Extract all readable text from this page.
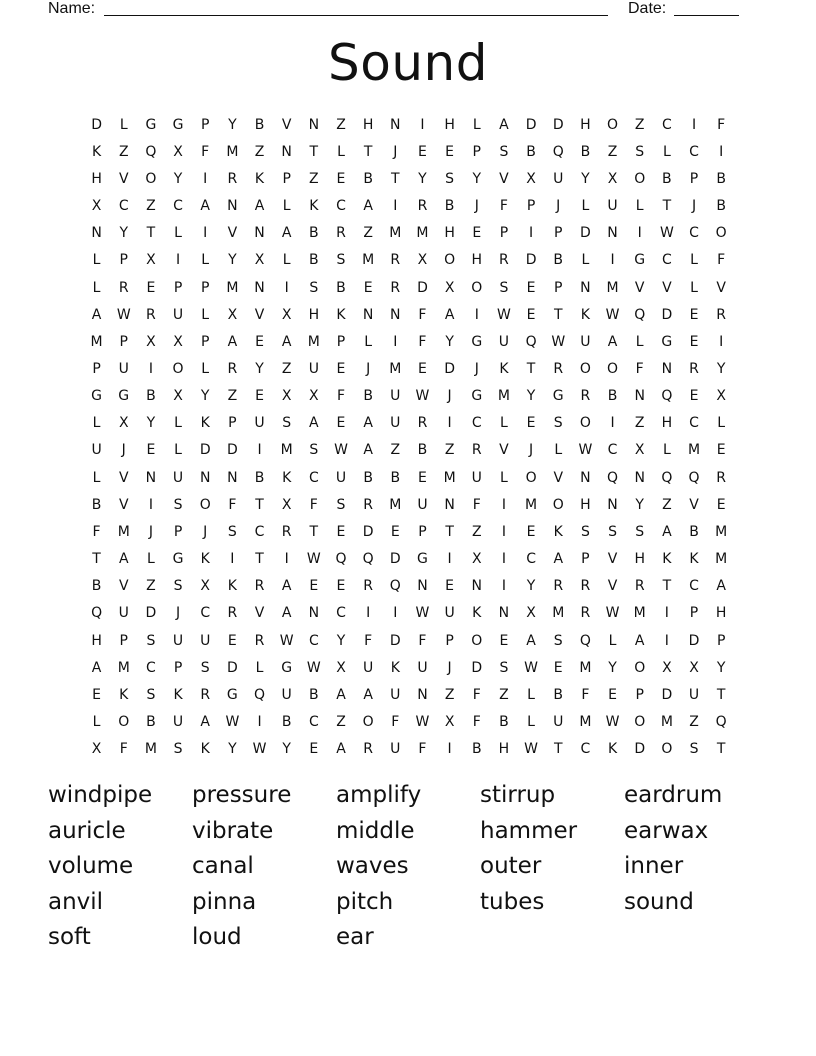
Name:	Date:
Sound
D	L	G	G	P	Y	B	V	N	Z	H	N	I	H	L	A	D	D	H	O	Z	C	I	F
K	Z	Q	X	F	M	Z	N	T	L	T	J	E	E	P	S	B	Q	B	Z	S	L	C	I
H	V	O	Y	I	R	K	P	Z	E	B	T	Y	S	Y	V	X	U	Y	X	O	B	P	B
X	C	Z	C	A	N	A	L	K	C	A	I	R	B	J	F	P	J	L	U	L	T	J	B
N	Y	T	L	I	V	N	A	B	R	Z	M	M	H	E	P	I	P	D	N	I	W	C	O
L	P	X	I	L	Y	X	L	B	S	M	R	X	O	H	R	D	B	L	I	G	C	L	F
L	R	E	P	P	M	N	I	S	B	E	R	D	X	O	S	E	P	N	M	V	V	L	V
A	W	R	U	L	X	V	X	H	K	N	N	F	A	I	W	E	T	K	W	Q	D	E	R
M	P	X	X	P	A	E	A	M	P	L	I	F	Y	G	U	Q	W	U	A	L	G	E	I
P	U	I	O	L	R	Y	Z	U	E	J	M	E	D	J	K	T	R	O	O	F	N	R	Y
G	G	B	X	Y	Z	E	X	X	F	B	U	W	J	G	M	Y	G	R	B	N	Q	E	X
L	X	Y	L	K	P	U	S	A	E	A	U	R	I	C	L	E	S	O	I	Z	H	C	L
U	J	E	L	D	D	I	M	S	W	A	Z	B	Z	R	V	J	L	W	C	X	L	M	E
L	V	N	U	N	N	B	K	C	U	B	B	E	M	U	L	O	V	N	Q	N	Q	Q	R
B	V	I	S	O	F	T	X	F	S	R	M	U	N	F	I	M	O	H	N	Y	Z	V	E
F	M	J	P	J	S	C	R	T	E	D	E	P	T	Z	I	E	K	S	S	S	A	B	M
T	A	L	G	K	I	T	I	W	Q	Q	D	G	I	X	I	C	A	P	V	H	K	K	M
B	V	Z	S	X	K	R	A	E	E	R	Q	N	E	N	I	Y	R	R	V	R	T	C	A
Q	U	D	J	C	R	V	A	N	C	I	I	W	U	K	N	X	M	R	W	M	I	P	H
H	P	S	U	U	E	R	W	C	Y	F	D	F	P	O	E	A	S	Q	L	A	I	D	P
A	M	C	P	S	D	L	G	W	X	U	K	U	J	D	S	W	E	M	Y	O	X	X	Y
E	K	S	K	R	G	Q	U	B	A	A	U	N	Z	F	Z	L	B	F	E	P	D	U	T
L	O	B	U	A	W	I	B	C	Z	O	F	W	X	F	B	L	U	M	W	O	M	Z	Q
X	F	M	S	K	Y	W	Y	E	A	R	U	F	I	B	H	W	T	C	K	D	O	S	T
windpipe	pressure	amplify	stirrup	eardrum
auricle	vibrate	middle	hammer	earwax
volume	canal	waves	outer	inner
anvil	pinna	pitch	tubes	sound
soft	loud	ear
